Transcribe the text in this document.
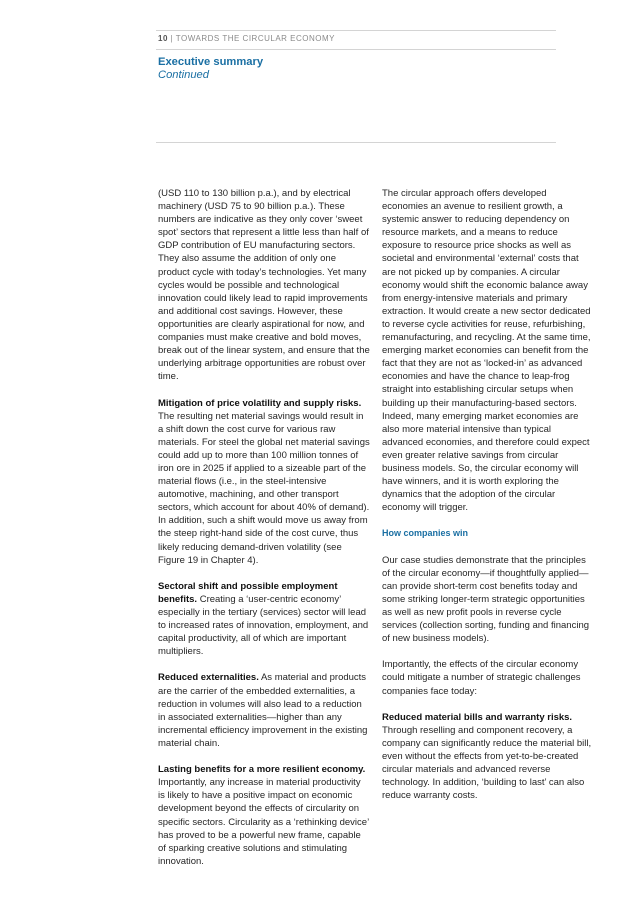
10 | TOWARDS THE CIRCULAR ECONOMY
Executive summary
Continued

(USD 110 to 130 billion p.a.), and by electrical machinery (USD 75 to 90 billion p.a.). These numbers are indicative as they only cover ‘sweet spot’ sectors that represent a little less than half of GDP contribution of EU manufacturing sectors. They also assume the addition of only one product cycle with today’s technologies. Yet many cycles would be possible and technological innovation could likely lead to rapid improvements and additional cost savings. However, these opportunities are clearly aspirational for now, and companies must make creative and bold moves, break out of the linear system, and ensure that the underlying arbitrage opportunities are robust over time.

Mitigation of price volatility and supply risks. The resulting net material savings would result in a shift down the cost curve for various raw materials. For steel the global net material savings could add up to more than 100 million tonnes of iron ore in 2025 if applied to a sizeable part of the material flows (i.e., in the steel-intensive automotive, machining, and other transport sectors, which account for about 40% of demand). In addition, such a shift would move us away from the steep right-hand side of the cost curve, thus likely reducing demand-driven volatility (see Figure 19 in Chapter 4).

Sectoral shift and possible employment benefits. Creating a ‘user-centric economy’ especially in the tertiary (services) sector will lead to increased rates of innovation, employment, and capital productivity, all of which are important multipliers.

Reduced externalities. As material and products are the carrier of the embedded externalities, a reduction in volumes will also lead to a reduction in associated externalities—higher than any incremental efficiency improvement in the existing material chain.

Lasting benefits for a more resilient economy. Importantly, any increase in material productivity is likely to have a positive impact on economic development beyond the effects of circularity on specific sectors. Circularity as a ‘rethinking device’ has proved to be a powerful new frame, capable of sparking creative solutions and stimulating innovation.

The circular approach offers developed economies an avenue to resilient growth, a systemic answer to reducing dependency on resource markets, and a means to reduce exposure to resource price shocks as well as societal and environmental ‘external’ costs that are not picked up by companies. A circular economy would shift the economic balance away from energy-intensive materials and primary extraction. It would create a new sector dedicated to reverse cycle activities for reuse, refurbishing, remanufacturing, and recycling. At the same time, emerging market economies can benefit from the fact that they are not as ‘locked-in’ as advanced economies and have the chance to leap-frog straight into establishing circular setups when building up their manufacturing-based sectors. Indeed, many emerging market economies are also more material intensive than typical advanced economies, and therefore could expect even greater relative savings from circular business models. So, the circular economy will have winners, and it is worth exploring the dynamics that the adoption of the circular economy will trigger.

How companies win

Our case studies demonstrate that the principles of the circular economy—if thoughtfully applied—can provide short-term cost benefits today and some striking longer-term strategic opportunities as well as new profit pools in reverse cycle services (collection sorting, funding and financing of new business models).

Importantly, the effects of the circular economy could mitigate a number of strategic challenges companies face today:

Reduced material bills and warranty risks. Through reselling and component recovery, a company can significantly reduce the material bill, even without the effects from yet-to-be-created circular materials and advanced reverse technology. In addition, ‘building to last’ can also reduce warranty costs.
